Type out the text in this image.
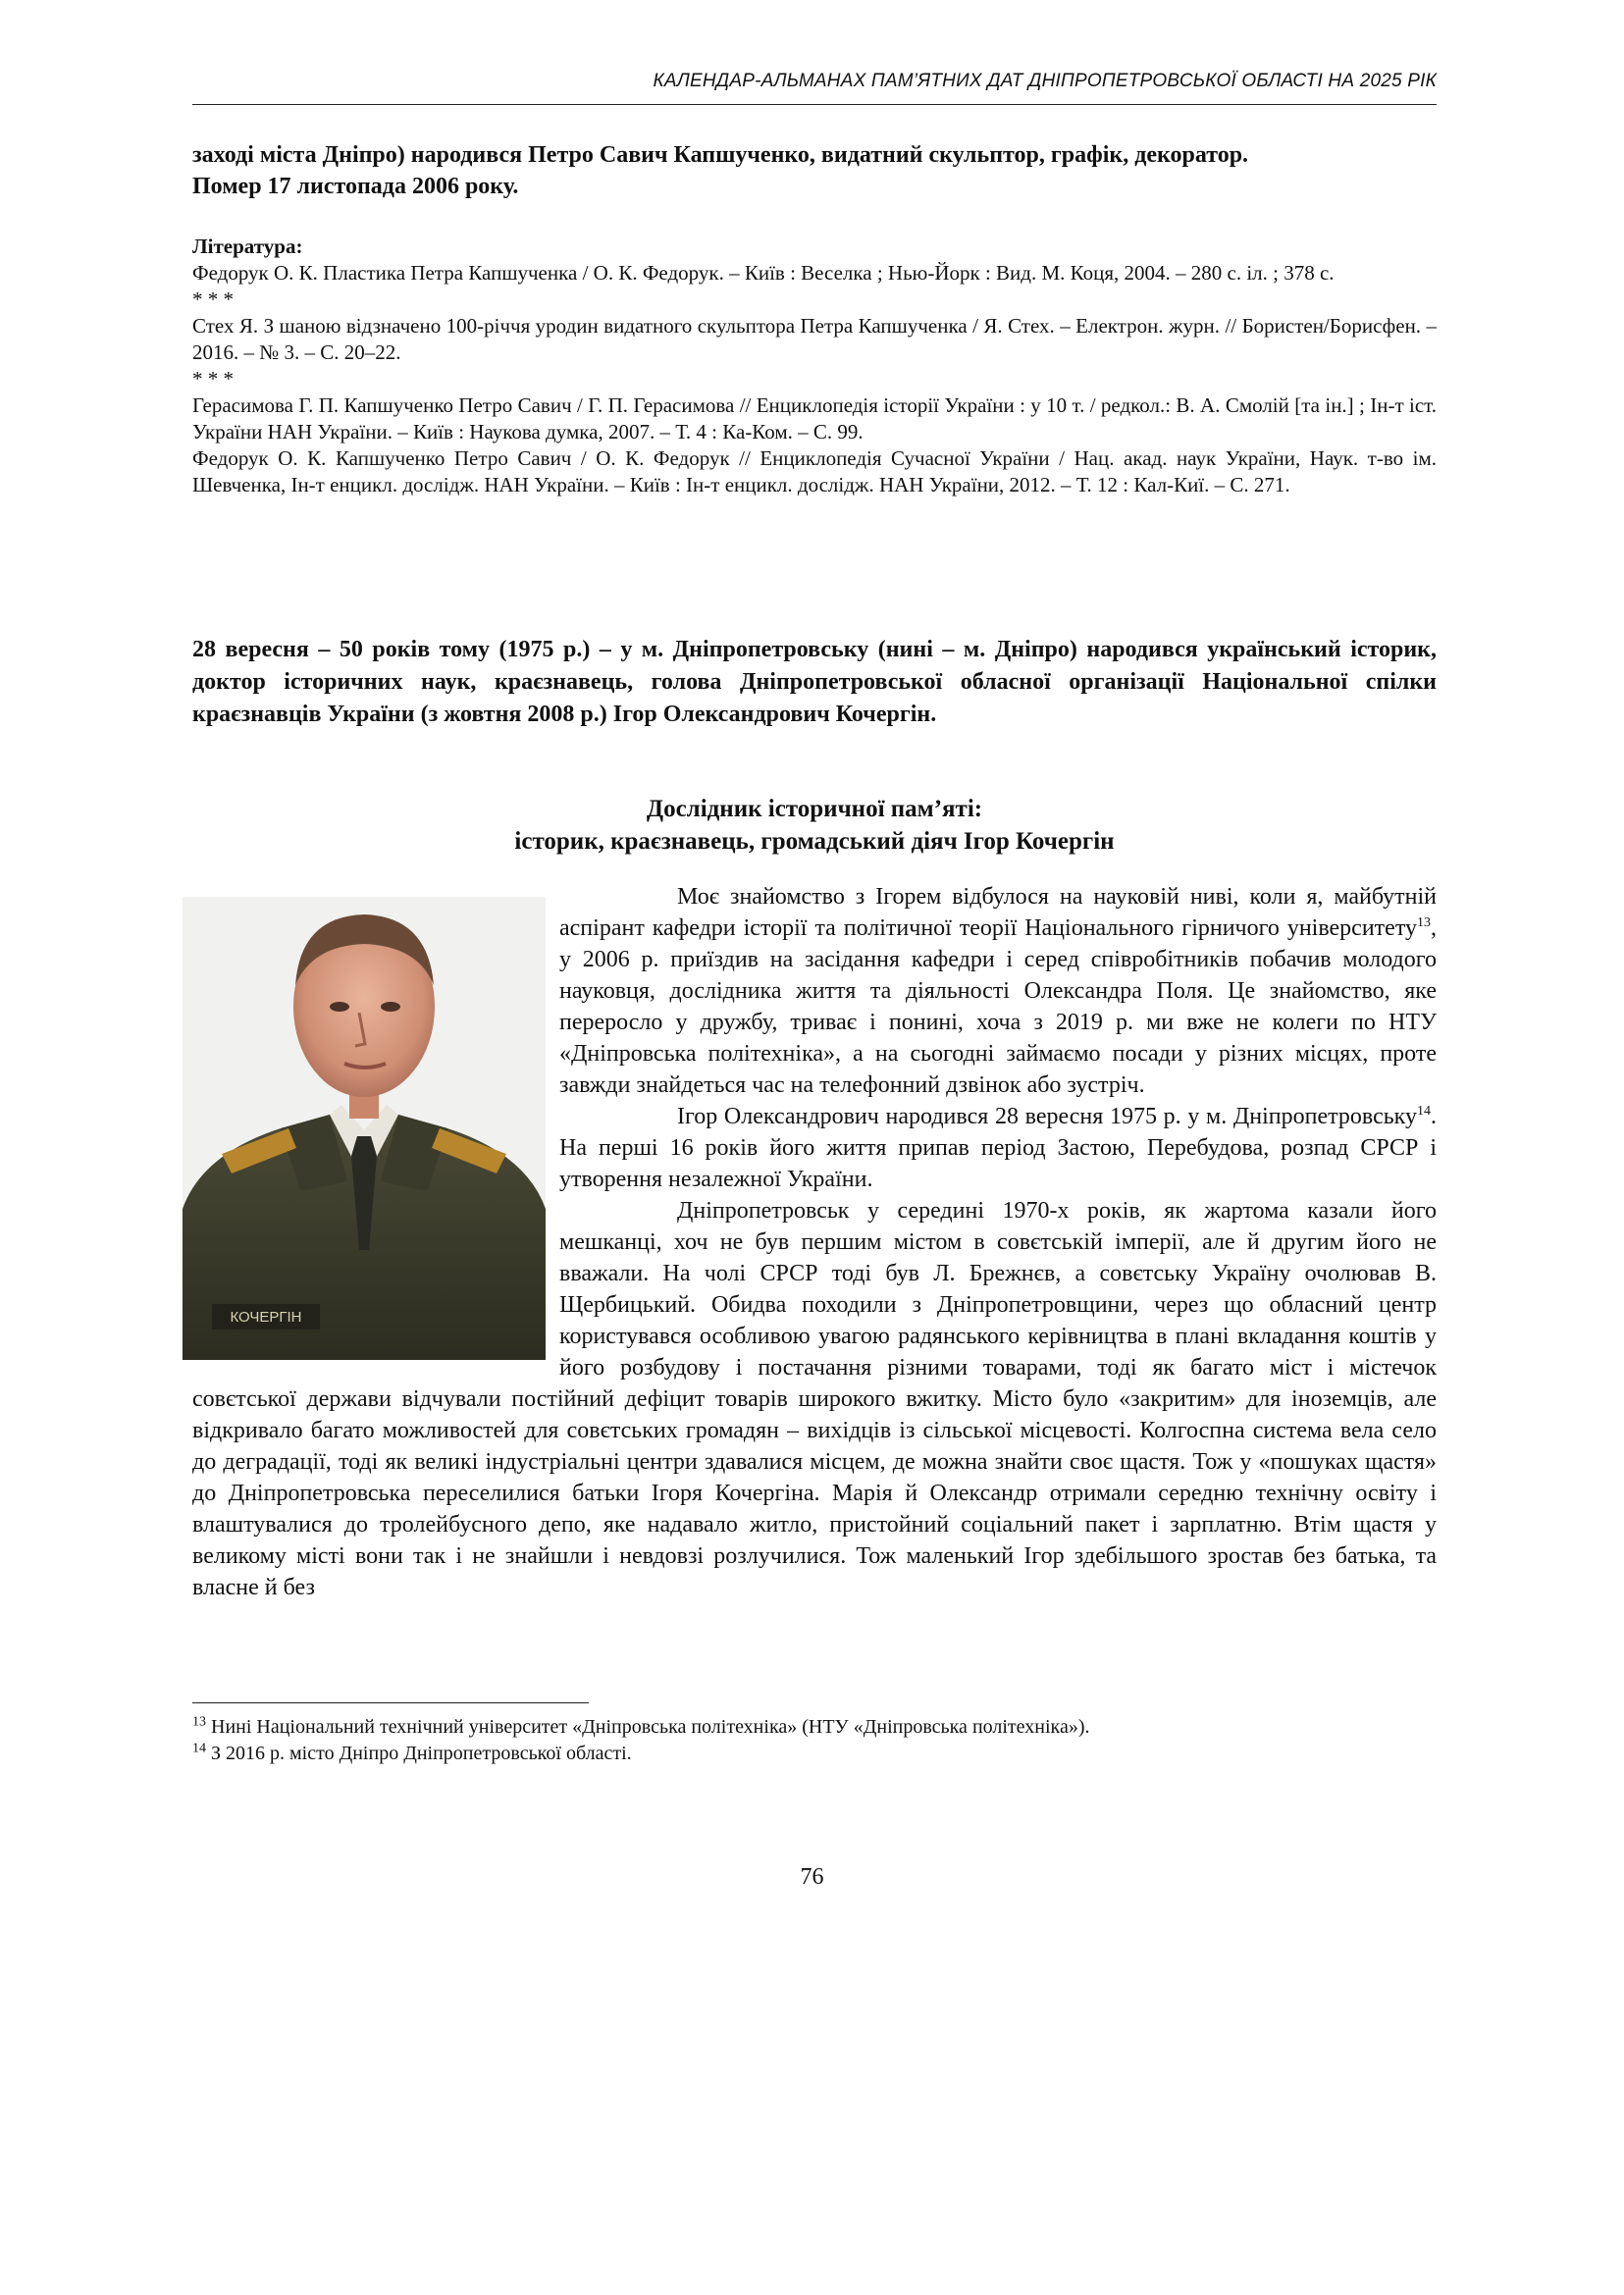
КАЛЕНДАР-АЛЬМАНАХ ПАМ’ЯТНИХ ДАТ ДНІПРОПЕТРОВСЬКОЇ ОБЛАСТІ НА 2025 РІК

заході міста Дніпро) народився Петро Савич Капшученко, видатний скульптор, графік, декоратор.

Помер 17 листопада 2006 року.

Література:

Федорук О. К. Пластика Петра Капшученка / О. К. Федорук. – Київ : Веселка ; Нью-Йорк : Вид. М. Коця, 2004. – 280 с. іл. ; 378 с.

* * *

Стех Я. З шаною відзначено 100-річчя уродин видатного скульптора Петра Капшученка / Я. Стех. – Електрон. журн. // Бористен/Борисфен. – 2016. – № 3. – С. 20–22.

* * *

Герасимова Г. П. Капшученко Петро Савич / Г. П. Герасимова // Енциклопедія історії України : у 10 т. / редкол.: В. А. Смолій [та ін.] ; Ін-т іст. України НАН України. – Київ : Наукова думка, 2007. – Т. 4 : Ка-Ком. – С. 99.

Федорук О. К. Капшученко Петро Савич / О. К. Федорук // Енциклопедія Сучасної України / Нац. акад. наук України, Наук. т-во ім. Шевченка, Ін-т енцикл. дослідж. НАН України. – Київ : Ін-т енцикл. дослідж. НАН України, 2012. – Т. 12 : Кал-Киї. – С. 271.

28 вересня – 50 років тому (1975 р.) – у м. Дніпропетровську (нині – м. Дніпро) народився український історик, доктор історичних наук, краєзнавець, голова Дніпропетровської обласної організації Національної спілки краєзнавців України (з жовтня 2008 р.) Ігор Олександрович Кочергін.

Дослідник історичної пам’яті:

історик, краєзнавець, громадський діяч Ігор Кочергін

КОЧЕРГІН

Моє знайомство з Ігорем відбулося на науковій ниві, коли я, майбутній аспірант кафедри історії та політичної теорії Національного гірничого університету$^{13}$, у 2006 р. приїздив на засідання кафедри і серед співробітників побачив молодого науковця, дослідника життя та діяльності Олександра Поля. Це знайомство, яке переросло у дружбу, триває і понині, хоча з 2019 р. ми вже не колеги по НТУ «Дніпровська політехніка», а на сьогодні займаємо посади у різних місцях, проте завжди знайдеться час на телефонний дзвінок або зустріч.

Ігор Олександрович народився 28 вересня 1975 р. у м. Дніпропетровську$^{14}$. На перші 16 років його життя припав період Застою, Перебудова, розпад СРСР і утворення незалежної України.

Дніпропетровськ у середині 1970-х років, як жартома казали його мешканці, хоч не був першим містом в совєтській імперії, але й другим його не вважали. На чолі СРСР тоді був Л. Брежнєв, а совєтську Україну очолював В. Щербицький. Обидва походили з Дніпропетровщини, через що обласний центр користувався особливою увагою радянського керівництва в плані вкладання коштів у його розбудову і постачання різними товарами, тоді як багато міст і містечок совєтської держави відчували постійний дефіцит товарів широкого вжитку. Місто було «закритим» для іноземців, але відкривало багато можливостей для совєтських громадян – вихідців із сільської місцевості. Колгоспна система вела село до деградації, тоді як великі індустріальні центри здавалися місцем, де можна знайти своє щастя. Тож у «пошуках щастя» до Дніпропетровська переселилися батьки Ігоря Кочергіна. Марія й Олександр отримали середню технічну освіту і влаштувалися до тролейбусного депо, яке надавало житло, пристойний соціальний пакет і зарплатню. Втім щастя у великому місті вони так і не знайшли і невдовзі розлучилися. Тож маленький Ігор здебільшого зростав без батька, та власне й без

$^{13}$ Нині Національний технічний університет «Дніпровська політехніка» (НТУ «Дніпровська політехніка»).

$^{14}$ З 2016 р. місто Дніпро Дніпропетровської області.

76
